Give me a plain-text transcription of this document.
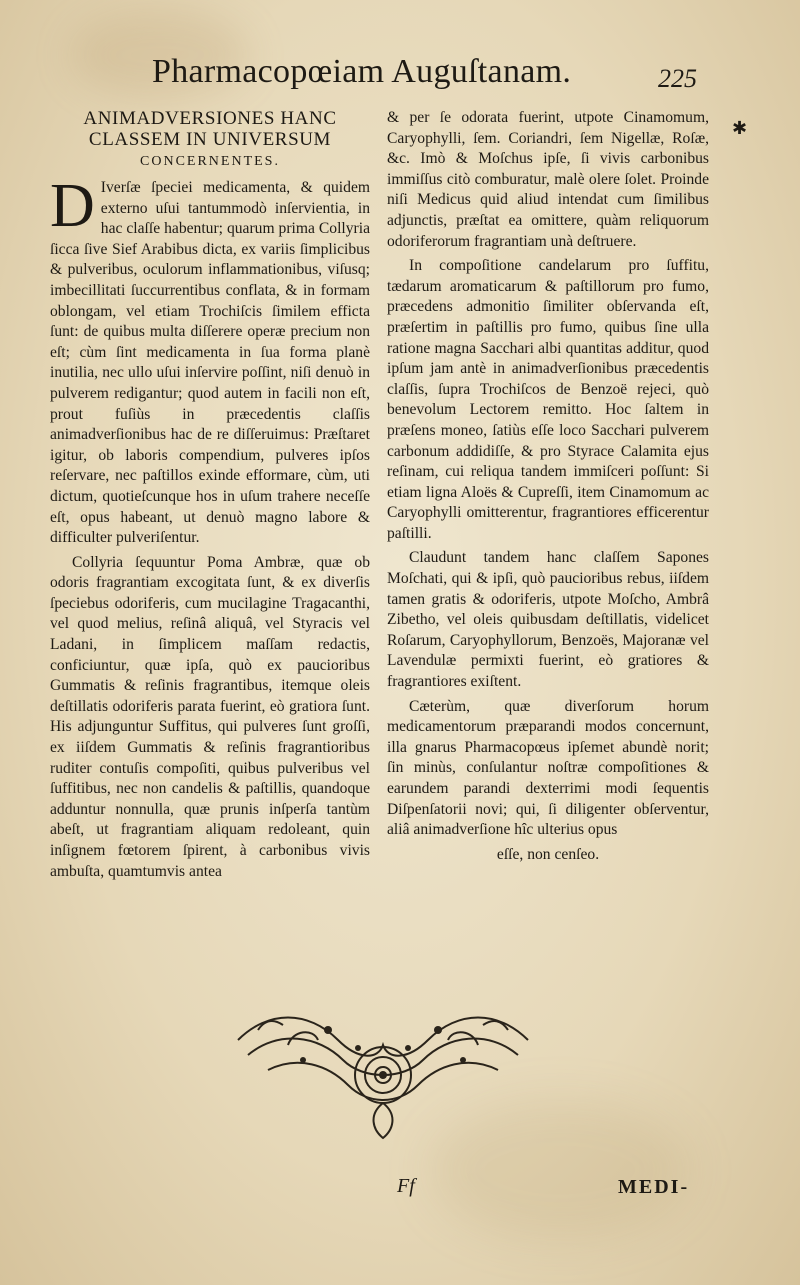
Pharmacopœiam Auguſtanam.	225
✱
ANIMADVERSIONES HANC
CLASSEM IN UNIVERSUM
CONCERNENTES.

D Iverſæ ſpeciei medicamenta, & quidem externo uſui tantummodò inſervientia, in hac claſſe habentur; quarum prima Collyria ſicca ſive Sief Arabibus dicta, ex variis ſimplicibus & pulveribus, oculorum inflammationibus, viſusq; imbecillitati ſuccurrentibus conflata, & in formam oblongam, vel etiam Trochiſcis ſimilem efficta ſunt: de quibus multa diſſerere operæ precium non eſt; cùm ſint medicamenta in ſua forma planè inutilia, nec ullo uſui inſervire poſſint, niſi denuò in pulverem redigantur; quod autem in facili non eſt, prout fuſiùs in præcedentis claſſis animadverſionibus hac de re diſſeruimus: Præſtaret igitur, ob laboris compendium, pulveres ipſos reſervare, nec paſtillos exinde efformare, cùm, uti dictum, quotieſcunque hos in uſum trahere neceſſe eſt, opus habeant, ut denuò magno labore & difficulter pulveriſentur.

Collyria ſequuntur Poma Ambræ, quæ ob odoris fragrantiam excogitata ſunt, & ex diverſis ſpeciebus odoriferis, cum mucilagine Tragacanthi, vel quod melius, reſinâ aliquâ, vel Styracis vel Ladani, in ſimplicem maſſam redactis, conficiuntur, quæ ipſa, quò ex paucioribus Gummatis & reſinis fragrantibus, itemque oleis deſtillatis odoriferis parata fuerint, eò gratiora ſunt. His adjunguntur Suffitus, qui pulveres ſunt groſſi, ex iiſdem Gummatis & reſinis fragrantioribus ruditer contuſis compoſiti, quibus pulveribus vel ſuffitibus, nec non candelis & paſtillis, quandoque adduntur nonnulla, quæ prunis inſperſa tantùm abeſt, ut fragrantiam aliquam redoleant, quin inſignem fœtorem ſpirent, à carbonibus vivis ambuſta, quamtumvis antea

& per ſe odorata fuerint, utpote Cinamomum, Caryophylli, ſem. Coriandri, ſem Nigellæ, Roſæ, &c. Imò & Moſchus ipſe, ſi vivis carbonibus immiſſus citò comburatur, malè olere ſolet. Proinde niſi Medicus quid aliud intendat cum ſimilibus adjunctis, præſtat ea omittere, quàm reliquorum odoriferorum fragrantiam unà deſtruere.

In compoſitione candelarum pro ſuffitu, tædarum aromaticarum & paſtillorum pro fumo, præcedens admonitio ſimiliter obſervanda eſt, præſertim in paſtillis pro fumo, quibus ſine ulla ratione magna Sacchari albi quantitas additur, quod ipſum jam antè in animadverſionibus præcedentis claſſis, ſupra Trochiſcos de Benzoë rejeci, quò benevolum Lectorem remitto. Hoc ſaltem in præſens moneo, ſatiùs eſſe loco Sacchari pulverem carbonum addidiſſe, & pro Styrace Calamita ejus reſinam, cui reliqua tandem immiſceri poſſunt: Si etiam ligna Aloës & Cupreſſi, item Cinamomum ac Caryophylli omitterentur, fragrantiores efficerentur paſtilli.

Claudunt tandem hanc claſſem Sapones Moſchati, qui & ipſi, quò paucioribus rebus, iiſdem tamen gratis & odoriferis, utpote Moſcho, Ambrâ Zibetho, vel oleis quibusdam deſtillatis, videlicet Roſarum, Caryophyllorum, Benzoës, Majoranæ vel Lavendulæ permixti fuerint, eò gratiores & fragrantiores exiſtent.

Cæterùm, quæ diverſorum horum medicamentorum præparandi modos concernunt, illa gnarus Pharmacopœus ipſemet abundè norit; ſin minùs, conſulantur noſtræ compoſitiones & earundem parandi dexterrimi modi ſequentis Diſpenſatorii novi; qui, ſi diligenter obſerventur, aliâ animadverſione hîc ulterius opus

eſſe, non cenſeo.

Ff	MEDI-
